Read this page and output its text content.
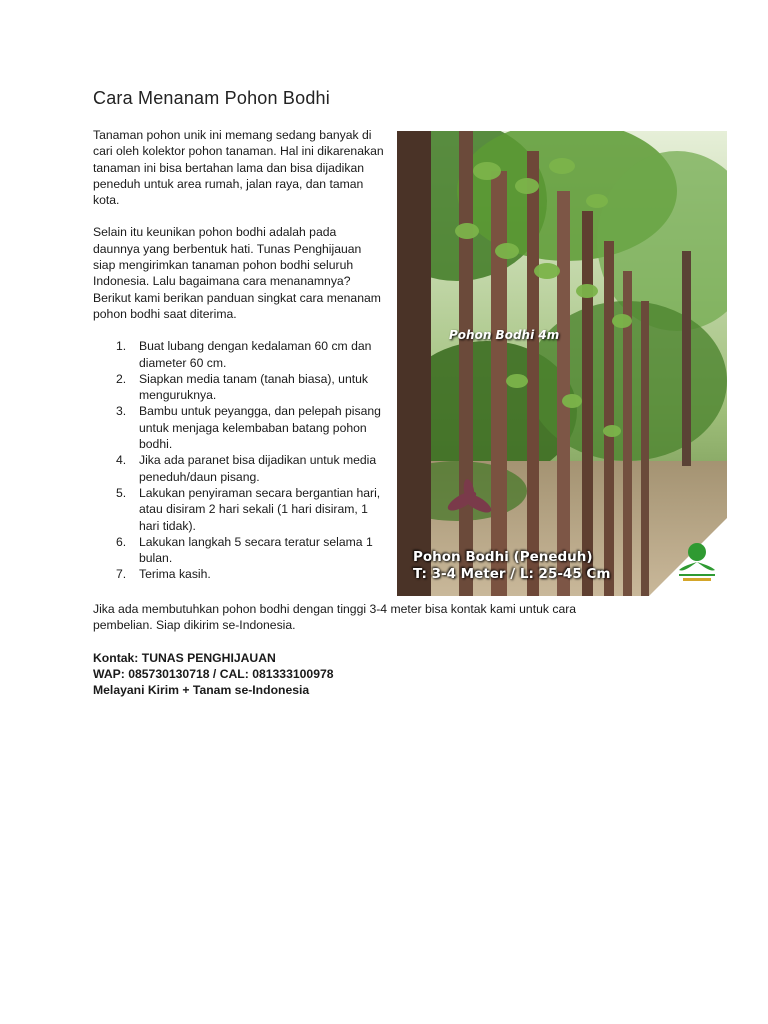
Cara Menanam Pohon Bodhi

Tanaman pohon unik ini memang sedang banyak di cari oleh kolektor pohon tanaman. Hal ini dikarenakan tanaman ini bisa bertahan lama dan bisa dijadikan peneduh untuk area rumah, jalan raya, dan taman kota.

Selain itu keunikan pohon bodhi adalah pada daunnya yang berbentuk hati. Tunas Penghijauan siap mengirimkan tanaman pohon bodhi seluruh Indonesia. Lalu bagaimana cara menanamnya? Berikut kami berikan panduan singkat cara menanam pohon bodhi saat diterima.

1. Buat lubang dengan kedalaman 60 cm dan diameter 60 cm.
2. Siapkan media tanam (tanah biasa), untuk menguruknya.
3. Bambu untuk peyangga, dan pelepah pisang untuk menjaga kelembaban batang pohon bodhi.
4. Jika ada paranet bisa dijadikan untuk media peneduh/daun pisang.
5. Lakukan penyiraman secara bergantian hari, atau disiram 2 hari sekali (1 hari disiram, 1 hari tidak).
6. Lakukan langkah 5 secara teratur selama 1 bulan.
7. Terima kasih.
Pohon Bodhi 4m
Pohon Bodhi (Peneduh)
T: 3-4 Meter / L: 25-45 Cm

Jika ada membutuhkan pohon bodhi dengan tinggi 3-4 meter bisa kontak kami untuk cara pembelian. Siap dikirim se-Indonesia.

Kontak: TUNAS PENGHIJAUAN
WAP: 085730130718 / CAL: 081333100978
Melayani Kirim + Tanam se-Indonesia
